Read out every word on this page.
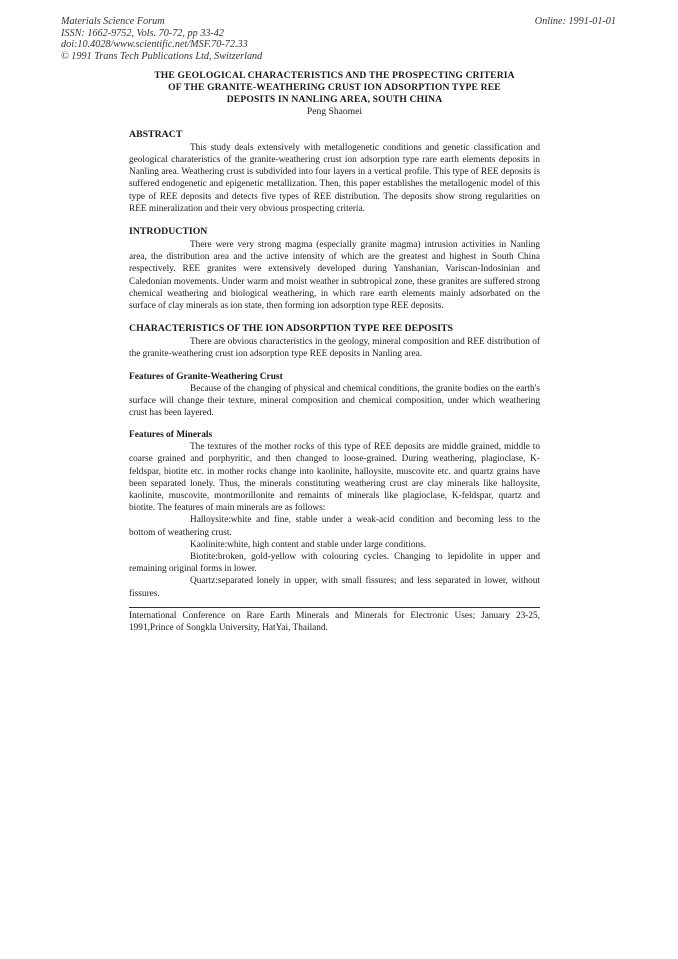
Materials Science Forum
ISSN: 1662-9752, Vols. 70-72, pp 33-42
doi:10.4028/www.scientific.net/MSF.70-72.33
© 1991 Trans Tech Publications Ltd, Switzerland
Online: 1991-01-01
THE GEOLOGICAL CHARACTERISTICS AND THE PROSPECTING CRITERIA
OF THE GRANITE-WEATHERING CRUST ION ADSORPTION TYPE REE
DEPOSITS IN NANLING AREA, SOUTH CHINA
Peng Shaomei
ABSTRACT

This study deals extensively with metallogenetic conditions and genetic classification and geological charateristics of the granite-weathering crust ion adsorption type rare earth elements deposits in Nanling area. Weathering crust is subdivided into four layers in a vertical profile. This type of REE deposits is suffered endogenetic and epigenetic metallization. Then, this paper establishes the metallogenic model of this type of REE deposits and detects five types of REE distribution. The deposits show strong regularities on REE mineralization and their very obvious prospecting criteria.

INTRODUCTION

There were very strong magma (especially granite magma) intrusion activities in Nanling area, the distribution area and the active intensity of which are the greatest and highest in South China respectively. REE granites were extensively developed during Yanshanian, Variscan-Indosinian and Caledonian movements. Under warm and moist weather in subtropical zone, these granites are suffered strong chemical weathering and biological weathering, in which rare earth elements mainly adsorbated on the surface of clay minerals as ion state, then forming ion adsorption type REE deposits.

CHARACTERISTICS OF THE ION ADSORPTION TYPE REE DEPOSITS

There are obvious characteristics in the geology, mineral composition and REE distribution of the granite-weathering crust ion adsorption type REE deposits in Nanling area.

Features of Granite-Weathering Crust

Because of the changing of physical and chemical conditions, the granite bodies on the earth's surface will change their texture, mineral composition and chemical composition, under which weathering crust has been layered.

Features of Minerals

The textures of the mother rocks of this type of REE deposits are middle grained, middle to coarse grained and porphyritic, and then changed to loose-grained. During weathering, plagioclase, K-feldspar, biotite etc. in mother rocks change into kaolinite, halloysite, muscovite etc. and quartz grains have been separated lonely. Thus, the minerals constituting weathering crust are clay minerals like halloysite, kaolinite, muscovite, montmorillonite and remaints of minerals like plagioclase, K-feldspar, quartz and biotite. The features of main minerals are as follows:

Halloysite:white and fine, stable under a weak-acid condition and becoming less to the bottom of weathering crust.

Kaolinite:white, high content and stable under large conditions.

Biotite:broken, gold-yellow with colouring cycles. Changing to lepidolite in upper and remaining original forms in lower.

Quartz:separated lonely in upper, with small fissures; and less separated in lower, without fissures.

International Conference on Rare Earth Minerals and Minerals for Electronic Uses; January 23-25, 1991,Prince of Songkla University, HatYai, Thailand.
